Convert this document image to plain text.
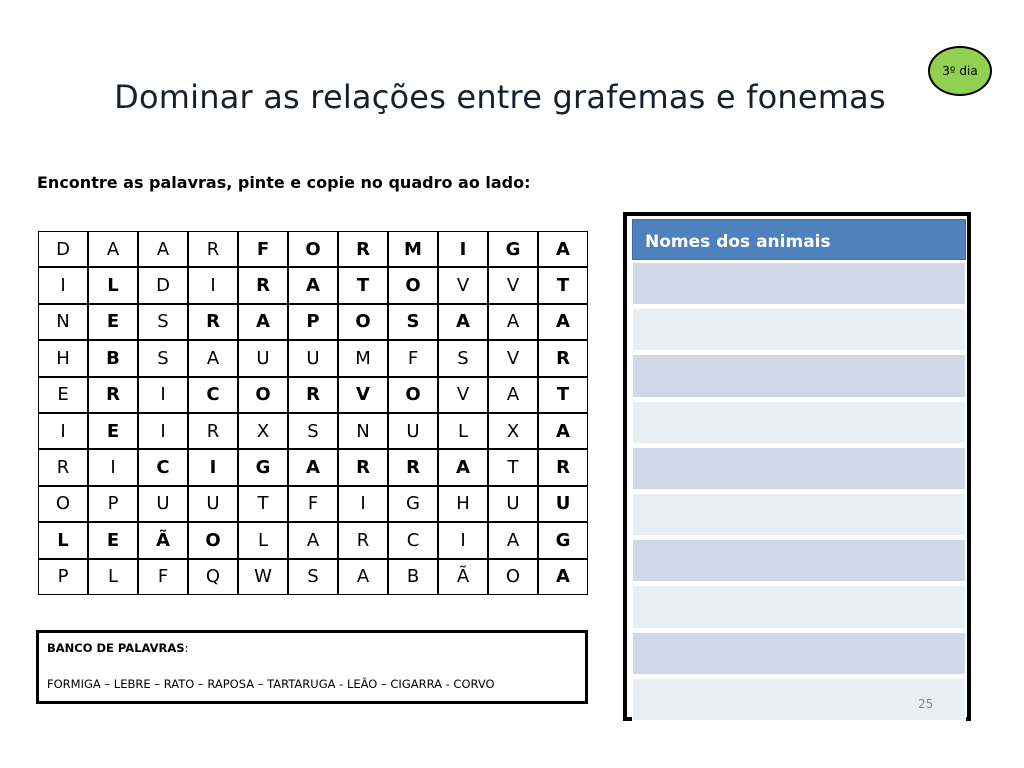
3º dia
Dominar as relações entre grafemas e fonemas
Encontre as palavras, pinte e copie no quadro ao lado:
D	A	A	R	F	O	R	M	I	G	A
I	L	D	I	R	A	T	O	V	V	T
N	E	S	R	A	P	O	S	A	A	A
H	B	S	A	U	U	M	F	S	V	R
E	R	I	C	O	R	V	O	V	A	T
I	E	I	R	X	S	N	U	L	X	A
R	I	C	I	G	A	R	R	A	T	R
O	P	U	U	T	F	I	G	H	U	U
L	E	Ã	O	L	A	R	C	I	A	G
P	L	F	Q	W	S	A	B	Ã	O	A
BANCO DE PALAVRAS:
FORMIGA – LEBRE – RATO – RAPOSA – TARTARUGA - LEÃO – CIGARRA - CORVO
Nomes dos animais
25
